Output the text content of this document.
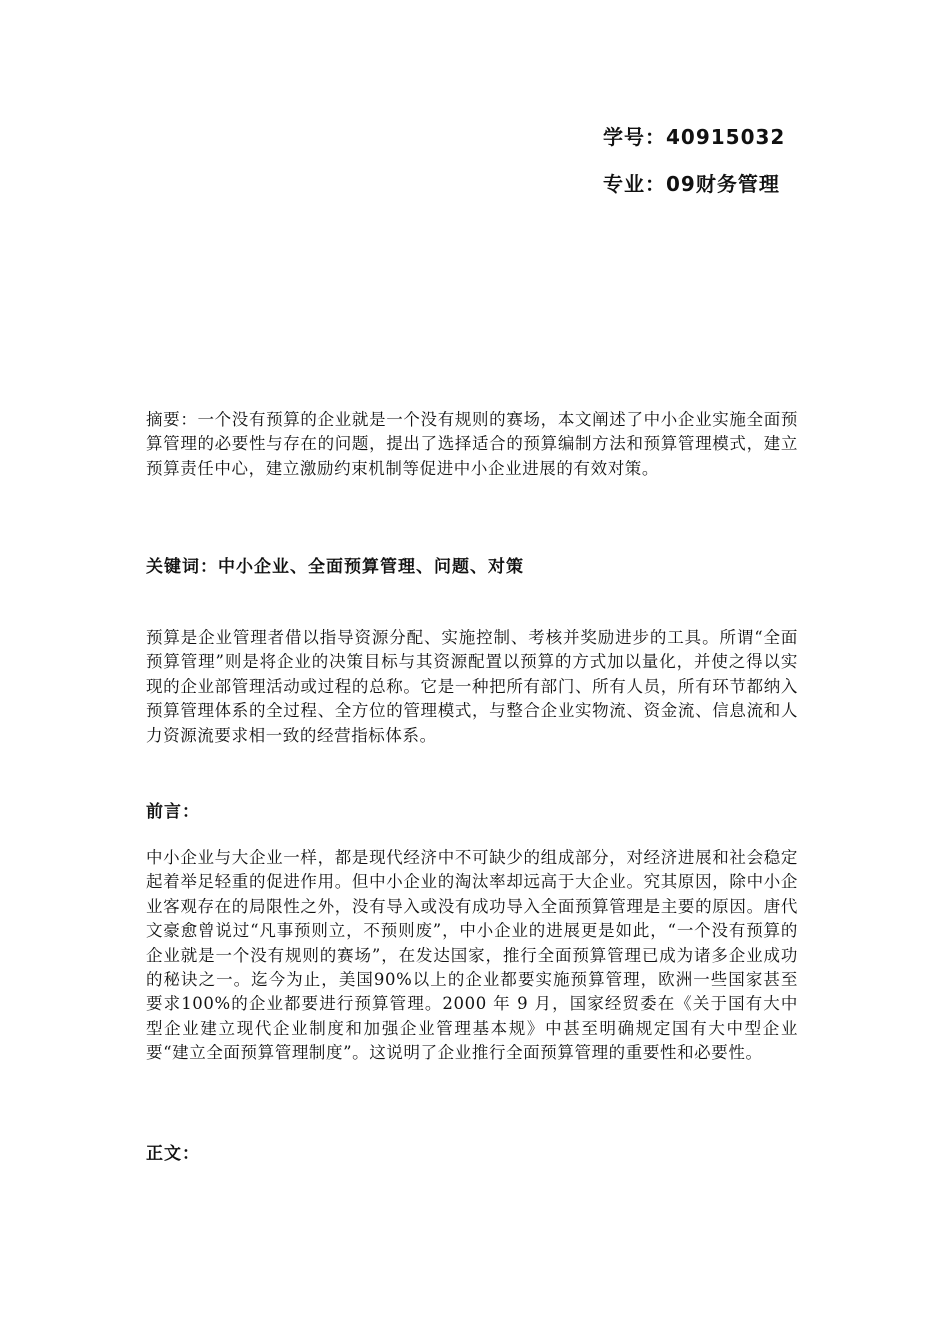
学号：40915032
专业：09财务管理

摘要：一个没有预算的企业就是一个没有规则的赛场，本文阐述了中小企业实施全面预算管理的必要性与存在的问题，提出了选择适合的预算编制方法和预算管理模式，建立预算责任中心，建立激励约束机制等促进中小企业进展的有效对策。

关键词：中小企业、全面预算管理、问题、对策

预算是企业管理者借以指导资源分配、实施控制、考核并奖励进步的工具。所谓“全面预算管理”则是将企业的决策目标与其资源配置以预算的方式加以量化，并使之得以实现的企业部管理活动或过程的总称。它是一种把所有部门、所有人员，所有环节都纳入预算管理体系的全过程、全方位的管理模式，与整合企业实物流、资金流、信息流和人力资源流要求相一致的经营指标体系。

前言：

中小企业与大企业一样，都是现代经济中不可缺少的组成部分，对经济进展和社会稳定起着举足轻重的促进作用。但中小企业的淘汰率却远高于大企业。究其原因，除中小企业客观存在的局限性之外，没有导入或没有成功导入全面预算管理是主要的原因。唐代文豪愈曾说过“凡事预则立，不预则废”，中小企业的进展更是如此，“一个没有预算的企业就是一个没有规则的赛场”，在发达国家，推行全面预算管理已成为诸多企业成功的秘诀之一。迄今为止，美国90%以上的企业都要实施预算管理，欧洲一些国家甚至要求100%的企业都要进行预算管理。2000 年 9 月，国家经贸委在《关于国有大中型企业建立现代企业制度和加强企业管理基本规》中甚至明确规定国有大中型企业要“建立全面预算管理制度”。这说明了企业推行全面预算管理的重要性和必要性。

正文：
